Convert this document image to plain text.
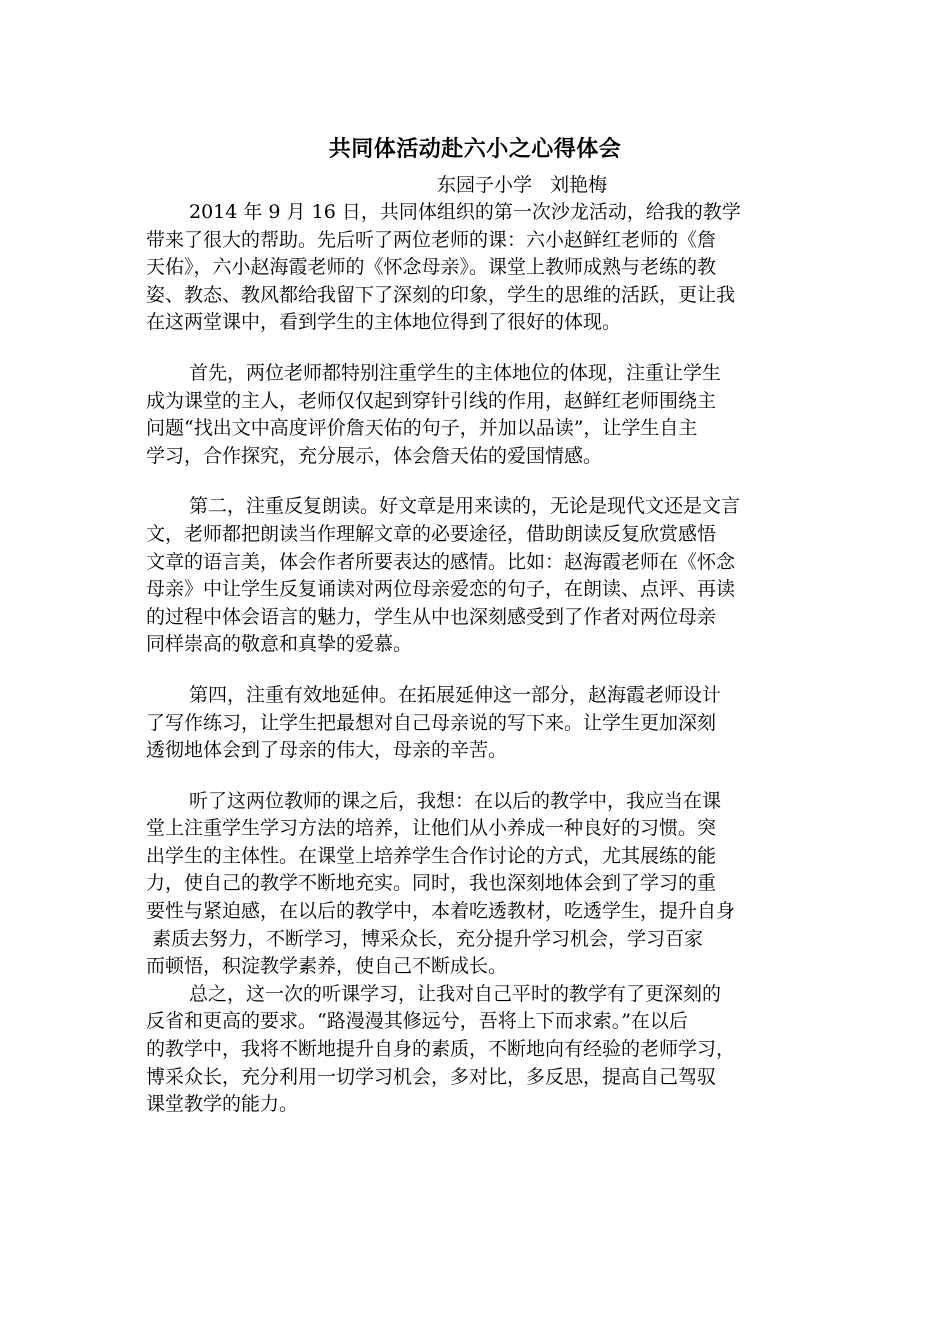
共同体活动赴六小之心得体会
东园子小学   刘艳梅

2014 年 9 月 16 日，共同体组织的第一次沙龙活动，给我的教学
带来了很大的帮助。先后听了两位老师的课：六小赵鲜红老师的《詹
天佑》，六小赵海霞老师的《怀念母亲》。课堂上教师成熟与老练的教
姿、教态、教风都给我留下了深刻的印象，学生的思维的活跃，更让我
在这两堂课中，看到学生的主体地位得到了很好的体现。

首先，两位老师都特别注重学生的主体地位的体现，注重让学生
成为课堂的主人，老师仅仅起到穿针引线的作用，赵鲜红老师围绕主
问题“找出文中高度评价詹天佑的句子，并加以品读”，让学生自主
学习，合作探究，充分展示，体会詹天佑的爱国情感。

第二，注重反复朗读。好文章是用来读的，无论是现代文还是文言
文，老师都把朗读当作理解文章的必要途径，借助朗读反复欣赏感悟
文章的语言美，体会作者所要表达的感情。比如：赵海霞老师在《怀念
母亲》中让学生反复诵读对两位母亲爱恋的句子，在朗读、点评、再读
的过程中体会语言的魅力，学生从中也深刻感受到了作者对两位母亲
同样崇高的敬意和真挚的爱慕。

第四，注重有效地延伸。在拓展延伸这一部分，赵海霞老师设计
了写作练习，让学生把最想对自己母亲说的写下来。让学生更加深刻
透彻地体会到了母亲的伟大，母亲的辛苦。

听了这两位教师的课之后，我想：在以后的教学中，我应当在课
堂上注重学生学习方法的培养，让他们从小养成一种良好的习惯。突
出学生的主体性。在课堂上培养学生合作讨论的方式，尤其展练的能
力，使自己的教学不断地充实。同时，我也深刻地体会到了学习的重
要性与紧迫感，在以后的教学中，本着吃透教材，吃透学生，提升自身
素质去努力，不断学习，博采众长，充分提升学习机会，学习百家
而顿悟，积淀教学素养，使自己不断成长。

总之，这一次的听课学习，让我对自己平时的教学有了更深刻的
反省和更高的要求。“路漫漫其修远兮，吾将上下而求索。”在以后
的教学中，我将不断地提升自身的素质，不断地向有经验的老师学习，
博采众长，充分利用一切学习机会，多对比，多反思，提高自己驾驭
课堂教学的能力。
